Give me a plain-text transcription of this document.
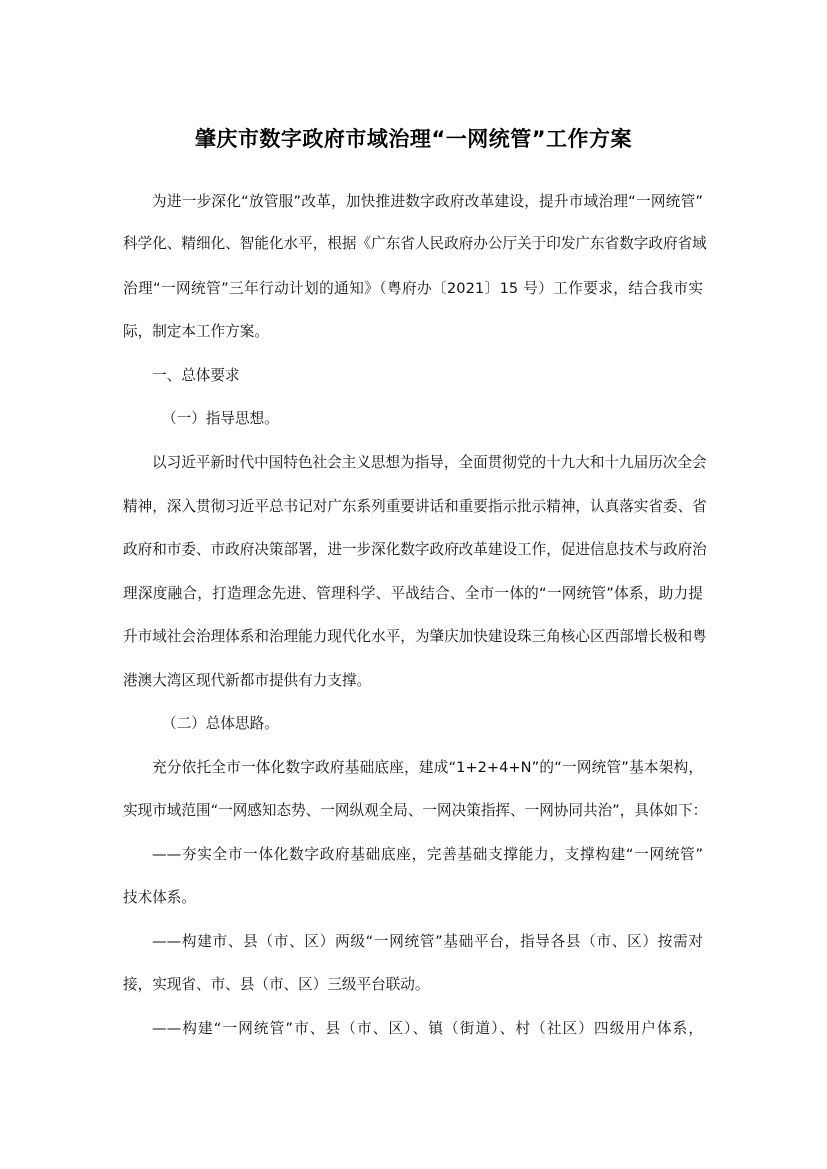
肇庆市数字政府市域治理“一网统管”工作方案
为进一步深化“放管服”改革，加快推进数字政府改革建设，提升市域治理“一网统管”
科学化、精细化、智能化水平，根据《广东省人民政府办公厅关于印发广东省数字政府省域
治理“一网统管”三年行动计划的通知》（粤府办〔2021〕15 号）工作要求，结合我市实
际，制定本工作方案。
一、总体要求
（一）指导思想。
以习近平新时代中国特色社会主义思想为指导，全面贯彻党的十九大和十九届历次全会
精神，深入贯彻习近平总书记对广东系列重要讲话和重要指示批示精神，认真落实省委、省
政府和市委、市政府决策部署，进一步深化数字政府改革建设工作，促进信息技术与政府治
理深度融合，打造理念先进、管理科学、平战结合、全市一体的“一网统管”体系，助力提
升市域社会治理体系和治理能力现代化水平，为肇庆加快建设珠三角核心区西部增长极和粤
港澳大湾区现代新都市提供有力支撑。
（二）总体思路。
充分依托全市一体化数字政府基础底座，建成“1+2+4+N”的“一网统管”基本架构，
实现市域范围“一网感知态势、一网纵观全局、一网决策指挥、一网协同共治”，具体如下：
——夯实全市一体化数字政府基础底座，完善基础支撑能力，支撑构建“一网统管”
技术体系。
——构建市、县（市、区）两级“一网统管”基础平台，指导各县（市、区）按需对
接，实现省、市、县（市、区）三级平台联动。
——构建“一网统管”市、县（市、区）、镇（街道）、村（社区）四级用户体系，
